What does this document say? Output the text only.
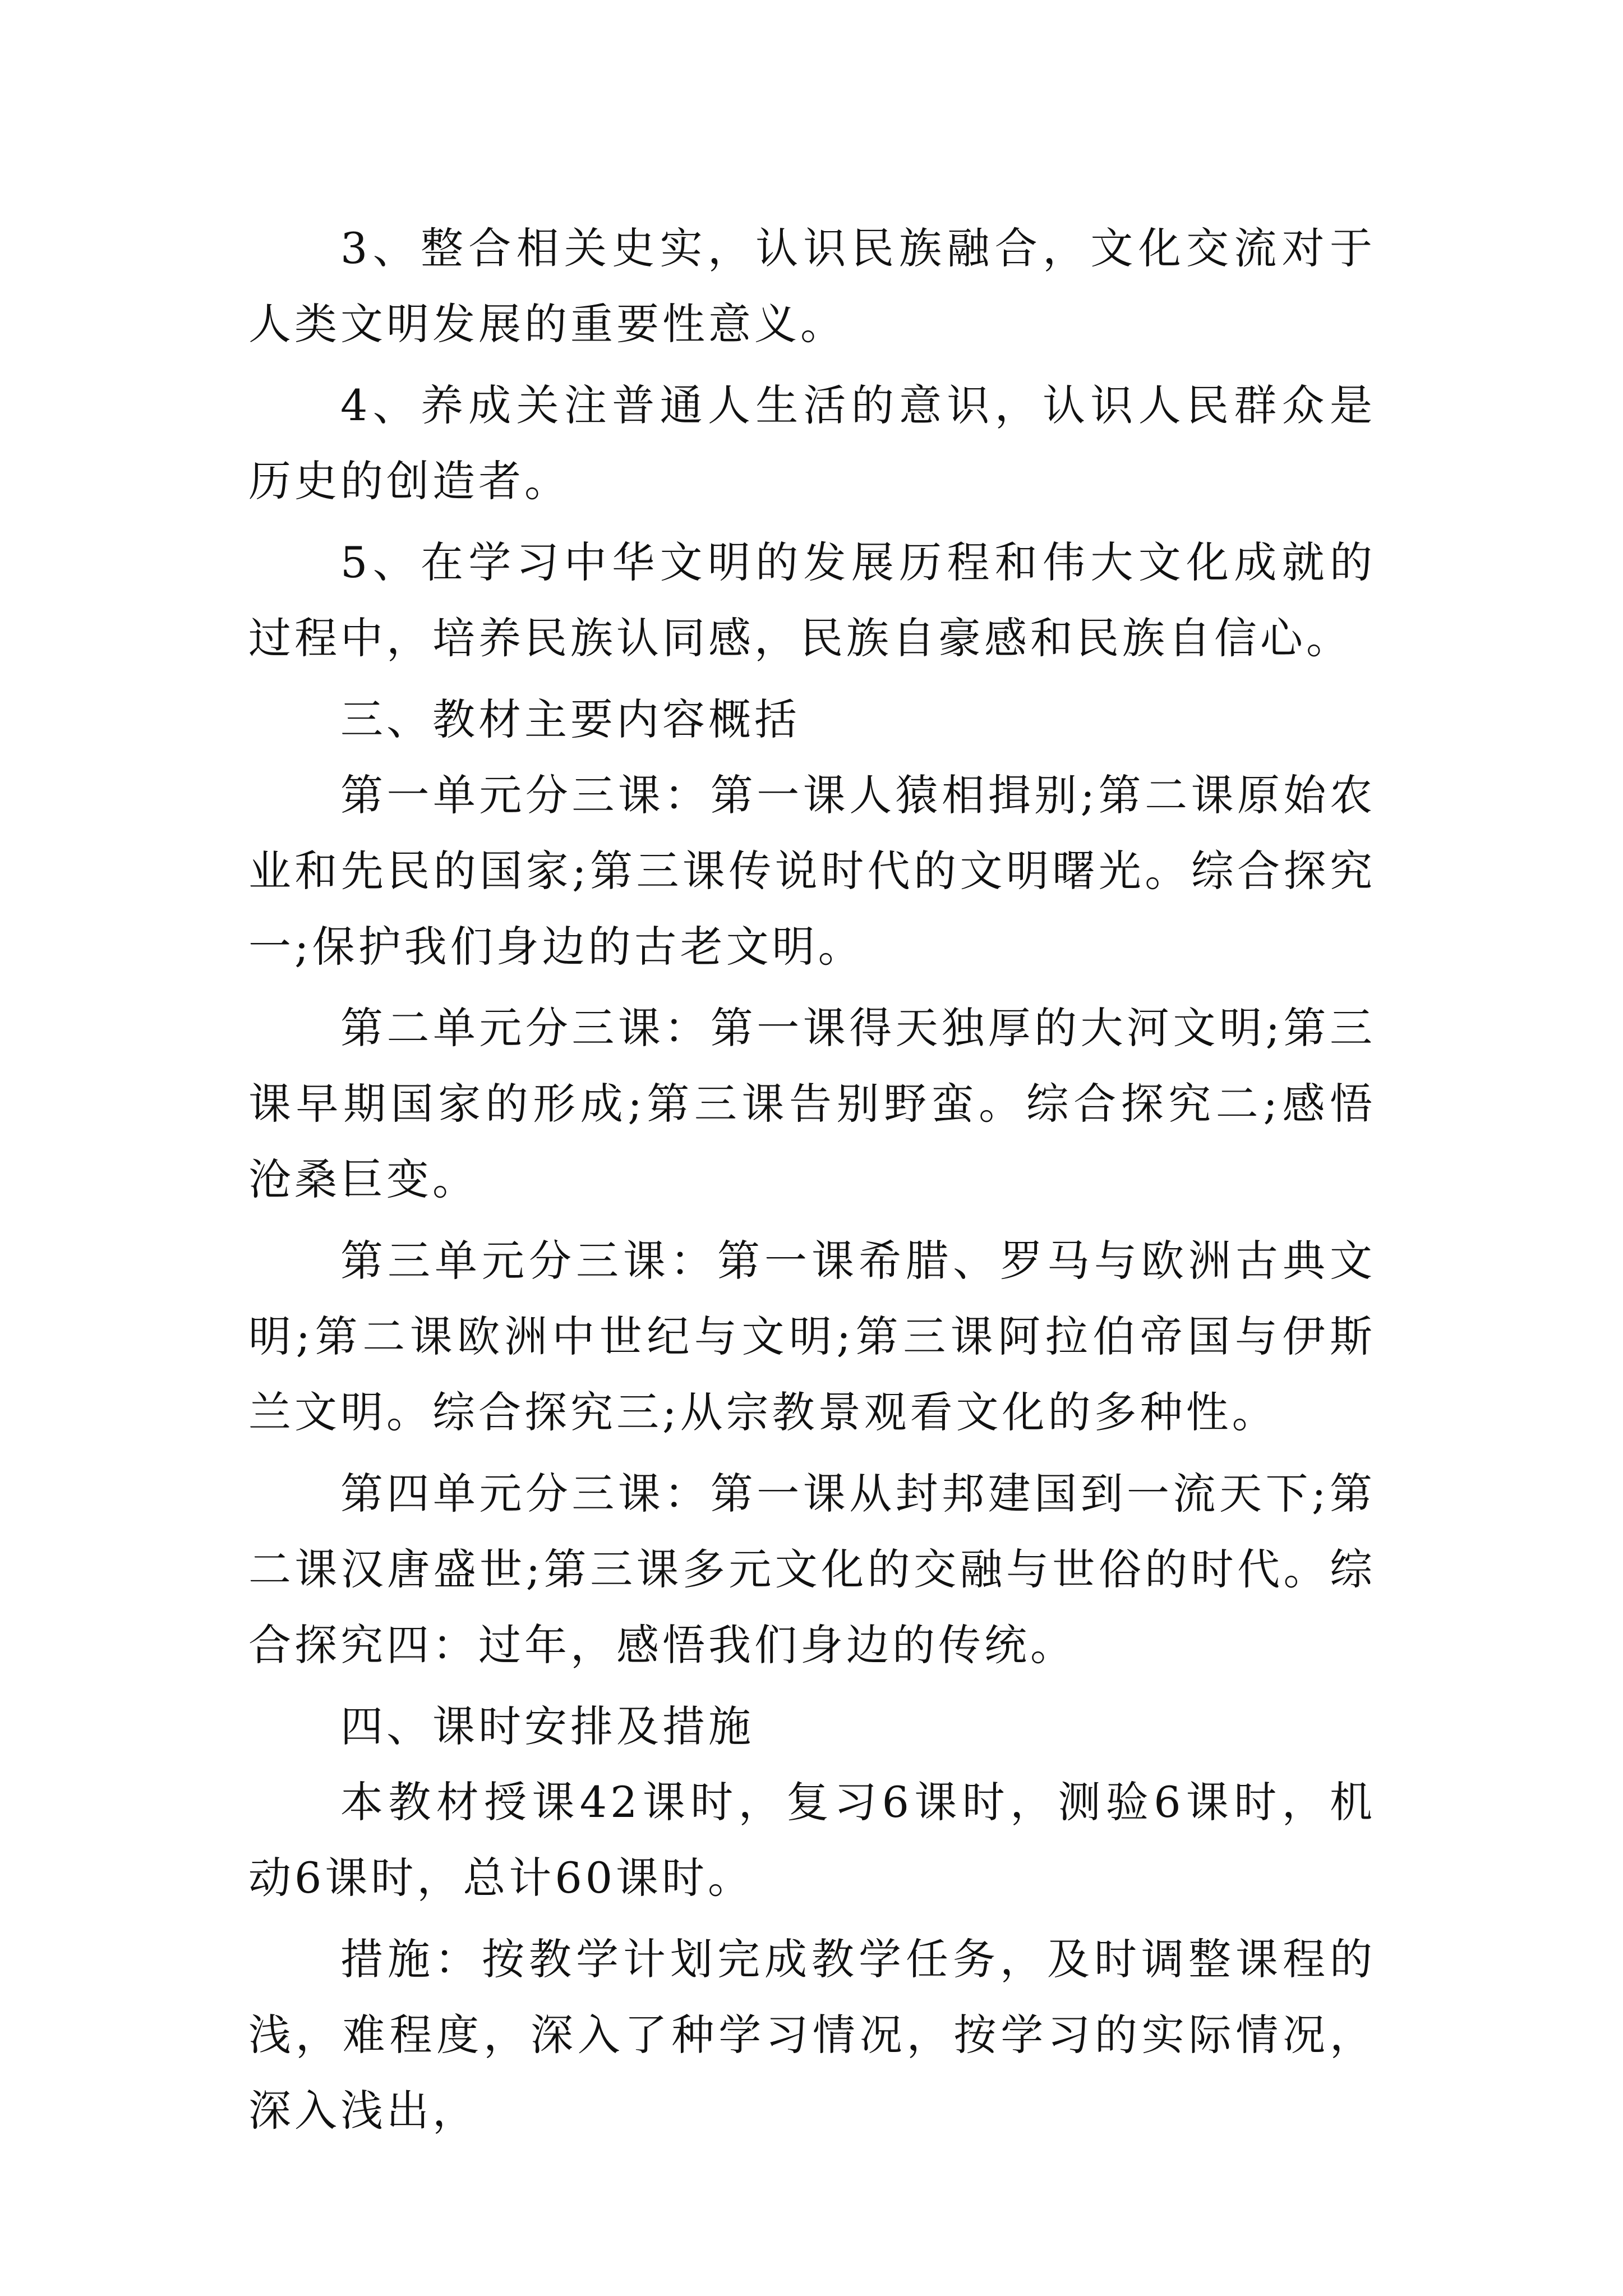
3、整合相关史实，认识民族融合，文化交流对于人类文明发展的重要性意义。

4、养成关注普通人生活的意识，认识人民群众是历史的创造者。

5、在学习中华文明的发展历程和伟大文化成就的过程中，培养民族认同感，民族自豪感和民族自信心。

三、教材主要内容概括

第一单元分三课：第一课人猿相揖别;第二课原始农业和先民的国家;第三课传说时代的文明曙光。综合探究一;保护我们身边的古老文明。

第二单元分三课：第一课得天独厚的大河文明;第三课早期国家的形成;第三课告别野蛮。综合探究二;感悟沧桑巨变。

第三单元分三课：第一课希腊、罗马与欧洲古典文明;第二课欧洲中世纪与文明;第三课阿拉伯帝国与伊斯兰文明。综合探究三;从宗教景观看文化的多种性。

第四单元分三课：第一课从封邦建国到一流天下;第二课汉唐盛世;第三课多元文化的交融与世俗的时代。综合探究四：过年，感悟我们身边的传统。

四、课时安排及措施

本教材授课42课时，复习6课时，测验6课时，机动6课时，总计60课时。

措施：按教学计划完成教学任务，及时调整课程的浅，难程度，深入了种学习情况，按学习的实际情况，深入浅出，
